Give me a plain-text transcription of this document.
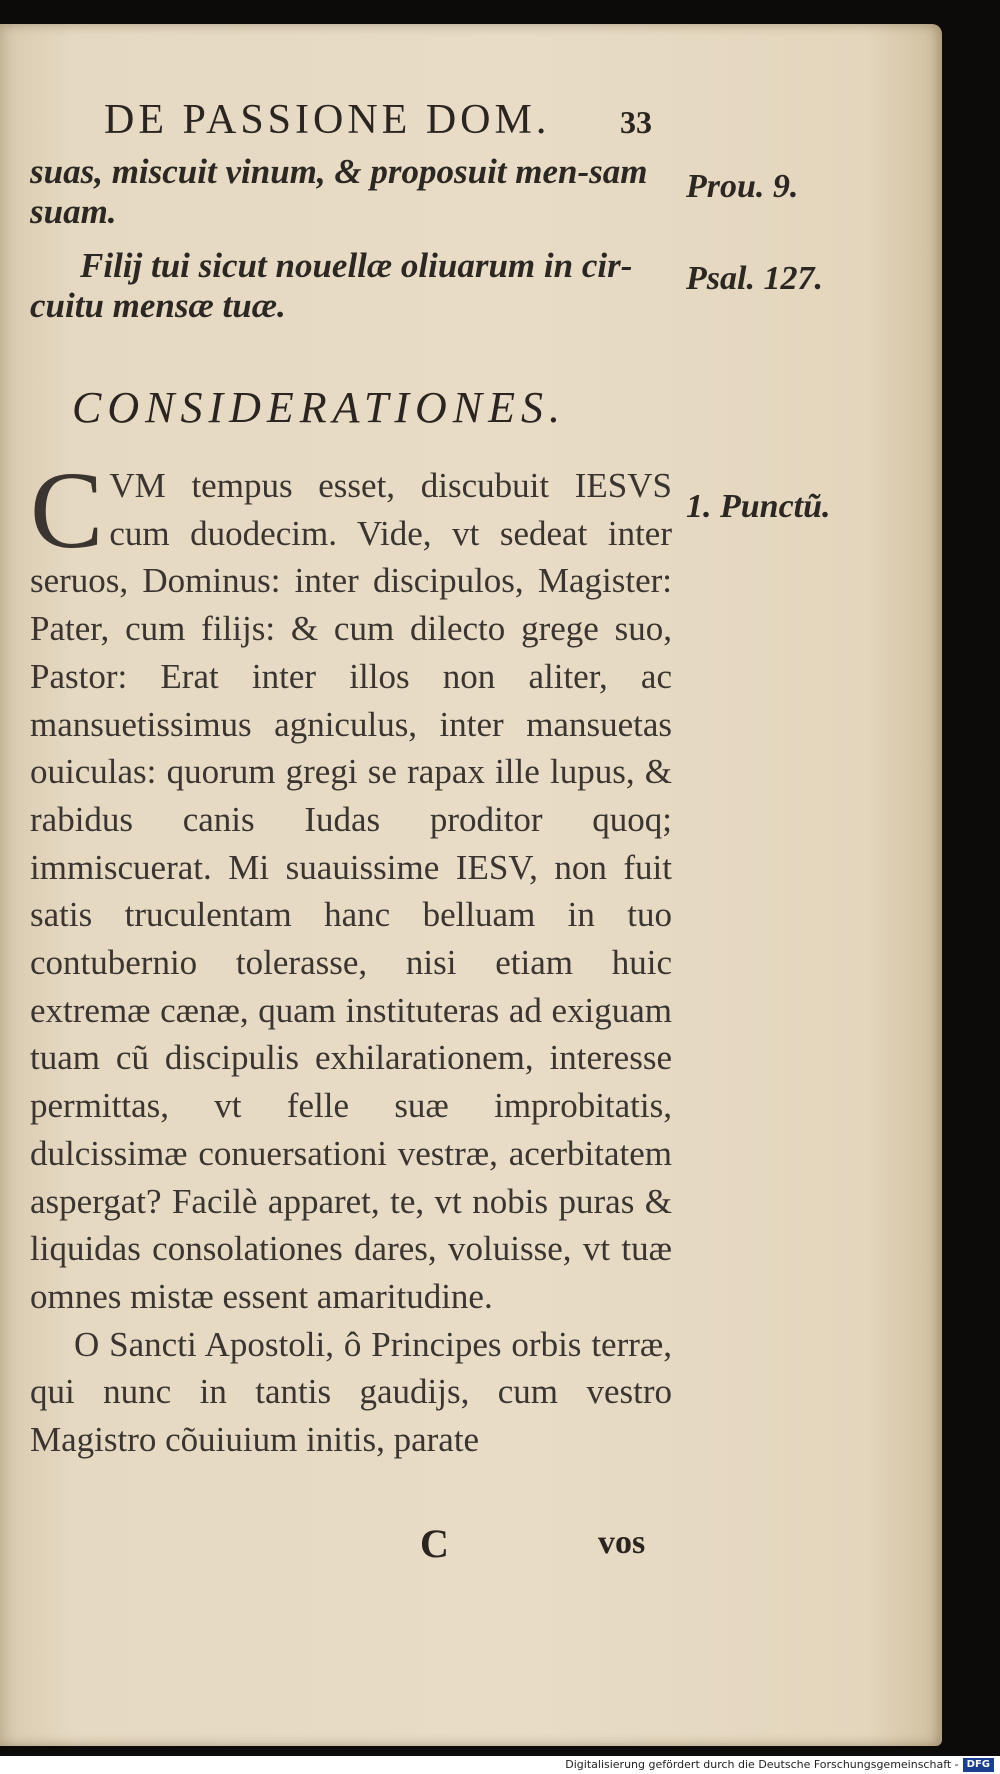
DE PASSIONE DOM.	33
suas, miscuit vinum, & proposuit men-sam suam.
Filij tui sicut nouellæ oliuarum in cir-cuitu mensæ tuæ.
Prou. 9.
Psal. 127.
1. Punctũ.
CONSIDERATIONES.

CVM tempus esset, discubuit IESVS cum duodecim. Vide, vt sedeat inter seruos, Dominus: inter discipulos, Magister: Pater, cum filijs: & cum dilecto grege suo, Pastor: Erat inter illos non aliter, ac mansuetissimus agniculus, inter mansuetas ouiculas: quorum gregi se rapax ille lupus, & rabidus canis Iudas proditor quoq; immiscuerat. Mi suauissime IESV, non fuit satis truculentam hanc belluam in tuo contubernio tolerasse, nisi etiam huic extremæ cænæ, quam instituteras ad exiguam tuam cũ discipulis exhilarationem, interesse permittas, vt felle suæ improbitatis, dulcissimæ conuersationi vestræ, acerbitatem aspergat? Facilè apparet, te, vt nobis puras & liquidas consolationes dares, voluisse, vt tuæ omnes mistæ essent amaritudine.

O Sancti Apostoli, ô Principes orbis terræ, qui nunc in tantis gaudijs, cum vestro Magistro cõuiuium initis, parate

C	vos
Digitalisierung gefördert durch die Deutsche Forschungsgemeinschaft - DFG
